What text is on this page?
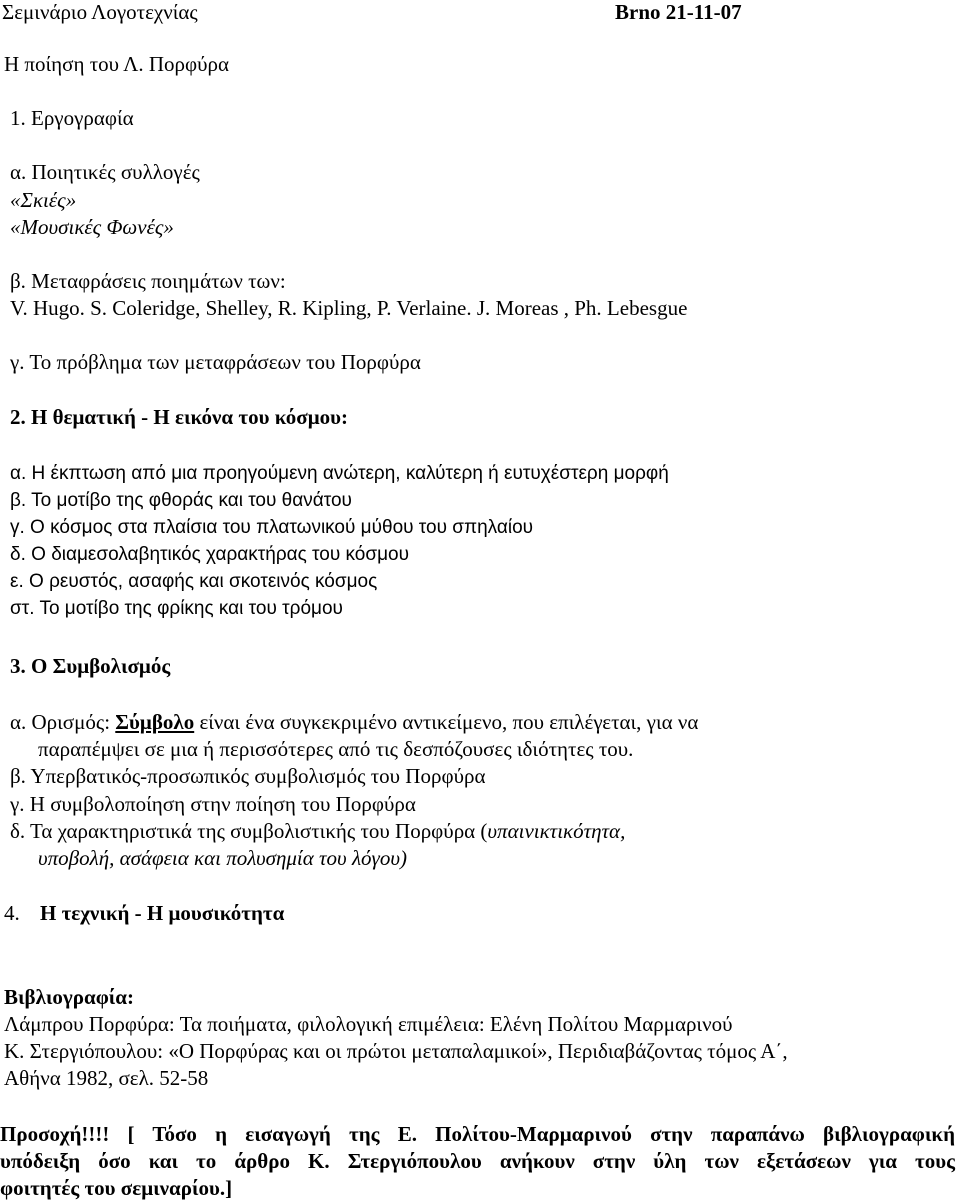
Σεμινάριο Λογοτεχνίας	Brno 21-11-07
Η ποίηση του Λ. Πορφύρα
1. Εργογραφία
α. Ποιητικές συλλογές
«Σκιές»
«Μουσικές Φωνές»
β. Μεταφράσεις ποιημάτων των:
V. Hugo. S. Coleridge, Shelley, R. Kipling, P. Verlaine. J. Moreas , Ph. Lebesgue
γ. Το πρόβλημα των μεταφράσεων του Πορφύρα
2. Η θεματική - Η εικόνα του κόσμου:
α. Η έκπτωση από μια προηγούμενη ανώτερη, καλύτερη ή ευτυχέστερη μορφή
β. Το μοτίβο της φθοράς και του θανάτου
γ. Ο κόσμος στα πλαίσια του πλατωνικού μύθου του σπηλαίου
δ. Ο διαμεσολαβητικός χαρακτήρας του κόσμου
ε. Ο ρευστός, ασαφής και σκοτεινός κόσμος
στ. Το μοτίβο της φρίκης και του τρόμου
3. Ο Συμβολισμός
α. Ορισμός: Σύμβολο είναι ένα συγκεκριμένο αντικείμενο, που επιλέγεται, για να
παραπέμψει σε μια ή περισσότερες από τις δεσπόζουσες ιδιότητες του.
β. Υπερβατικός-προσωπικός συμβολισμός του Πορφύρα
γ. Η συμβολοποίηση στην ποίηση του Πορφύρα
δ. Τα χαρακτηριστικά της συμβολιστικής του Πορφύρα (υπαινικτικότητα,
υποβολή, ασάφεια και πολυσημία του λόγου)
4. Η τεχνική - Η μουσικότητα
Βιβλιογραφία:
Λάμπρου Πορφύρα: Τα ποιήματα, φιλολογική επιμέλεια: Ελένη Πολίτου Μαρμαρινού
Κ. Στεργιόπουλου: «Ο Πορφύρας και οι πρώτοι μεταπαλαμικοί», Περιδιαβάζοντας τόμος Α΄,
Αθήνα 1982, σελ. 52-58
Προσοχή!!!! [ Τόσο η εισαγωγή της Ε. Πολίτου-Μαρμαρινού στην παραπάνω βιβλιογραφική
υπόδειξη όσο και το άρθρο Κ. Στεργιόπουλου ανήκουν στην ύλη των εξετάσεων για τους
φοιτητές του σεμιναρίου.]
